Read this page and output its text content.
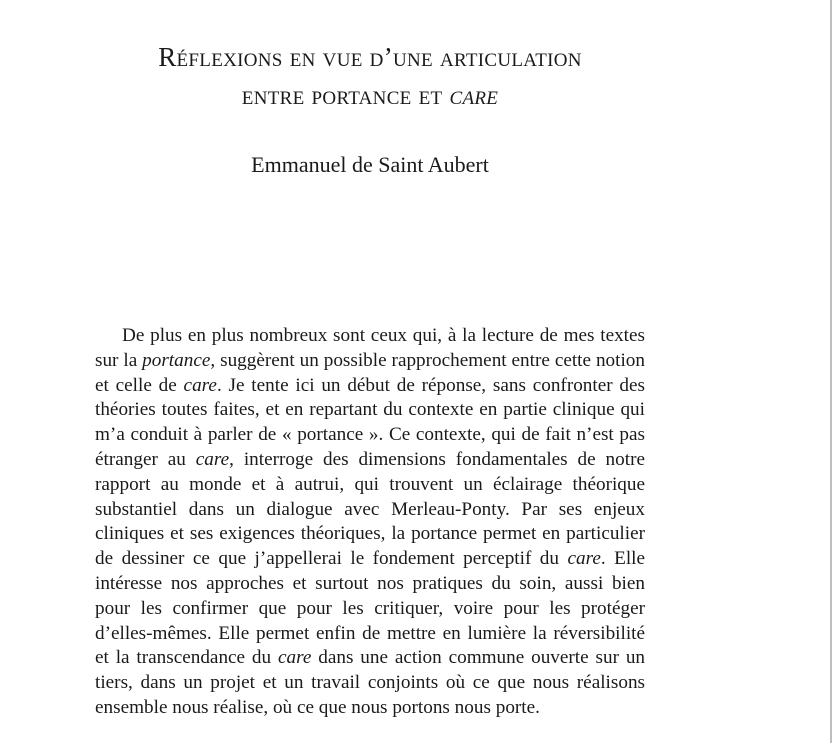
Réflexions en vue d’une articulation
entre portance et care
Emmanuel de Saint Aubert

De plus en plus nombreux sont ceux qui, à la lecture de mes textes sur la portance, suggèrent un possible rapprochement entre cette notion et celle de care. Je tente ici un début de réponse, sans confronter des théories toutes faites, et en repartant du contexte en partie clinique qui m’a conduit à parler de « portance ». Ce contexte, qui de fait n’est pas étranger au care, interroge des dimensions fondamentales de notre rapport au monde et à autrui, qui trouvent un éclairage théorique substantiel dans un dialogue avec Merleau-Ponty. Par ses enjeux cliniques et ses exigences théoriques, la portance permet en particulier de dessiner ce que j’appellerai le fondement perceptif du care. Elle intéresse nos approches et surtout nos pratiques du soin, aussi bien pour les confirmer que pour les critiquer, voire pour les protéger d’elles-mêmes. Elle permet enfin de mettre en lumière la réversibilité et la transcendance du care dans une action commune ouverte sur un tiers, dans un projet et un travail conjoints où ce que nous réalisons ensemble nous réalise, où ce que nous portons nous porte.
